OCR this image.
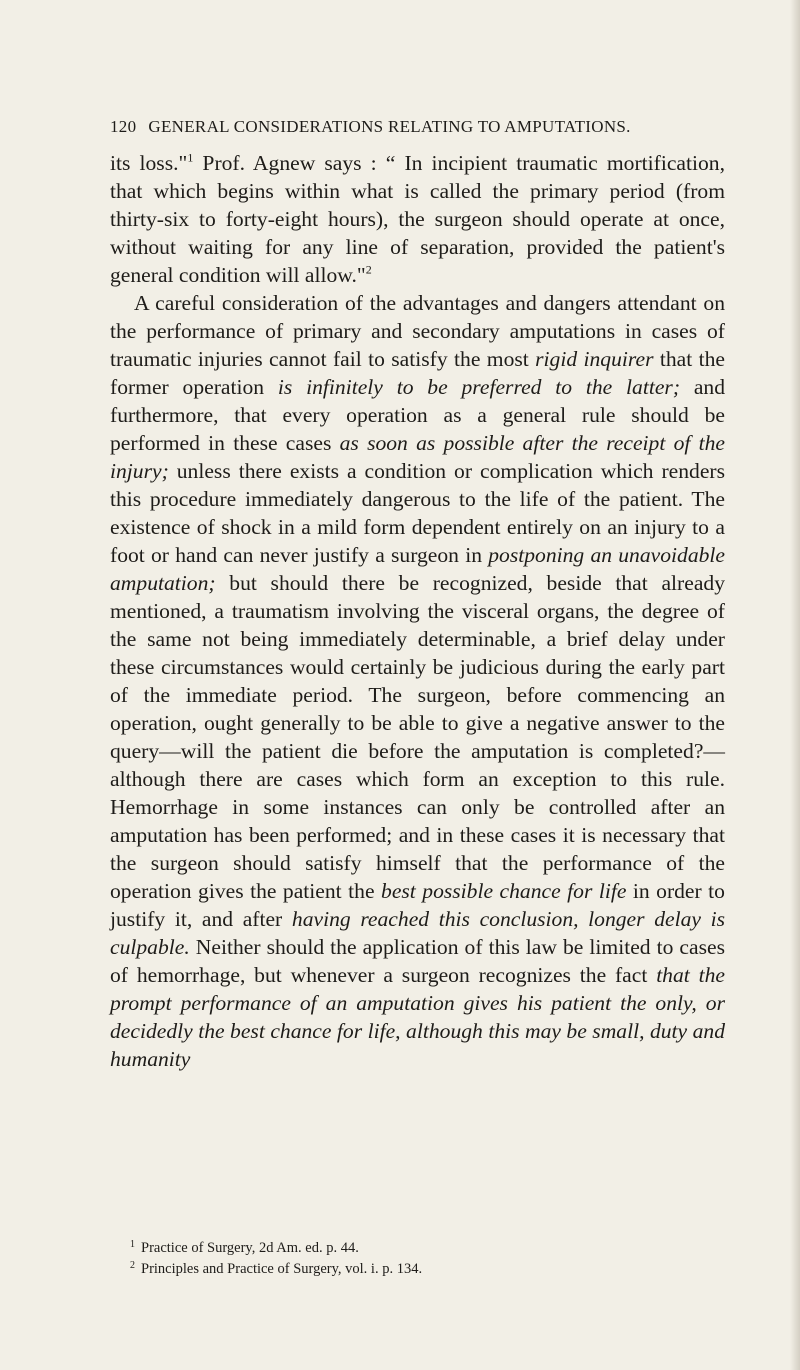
120 GENERAL CONSIDERATIONS RELATING TO AMPUTATIONS.

its loss."$^1$ Prof. Agnew says : “ In incipient traumatic mortification, that which begins within what is called the primary period (from thirty-six to forty-eight hours), the surgeon should operate at once, without waiting for any line of separation, provided the patient's general condition will allow."$^2$

A careful consideration of the advantages and dangers attendant on the performance of primary and secondary amputations in cases of traumatic injuries cannot fail to satisfy the most rigid inquirer that the former operation is infinitely to be preferred to the latter; and furthermore, that every operation as a general rule should be performed in these cases as soon as possible after the receipt of the injury; unless there exists a condition or complication which renders this procedure immediately dangerous to the life of the patient. The existence of shock in a mild form dependent entirely on an injury to a foot or hand can never justify a surgeon in postponing an unavoidable amputation; but should there be recognized, beside that already mentioned, a traumatism involving the visceral organs, the degree of the same not being immediately determinable, a brief delay under these circumstances would certainly be judicious during the early part of the immediate period. The surgeon, before commencing an operation, ought generally to be able to give a negative answer to the query—will the patient die before the amputation is completed?—although there are cases which form an exception to this rule. Hemorrhage in some instances can only be controlled after an amputation has been performed; and in these cases it is necessary that the surgeon should satisfy himself that the performance of the operation gives the patient the best possible chance for life in order to justify it, and after having reached this conclusion, longer delay is culpable. Neither should the application of this law be limited to cases of hemorrhage, but whenever a surgeon recognizes the fact that the prompt performance of an amputation gives his patient the only, or decidedly the best chance for life, although this may be small, duty and humanity

$^1$ Practice of Surgery, 2d Am. ed. p. 44.
$^2$ Principles and Practice of Surgery, vol. i. p. 134.
